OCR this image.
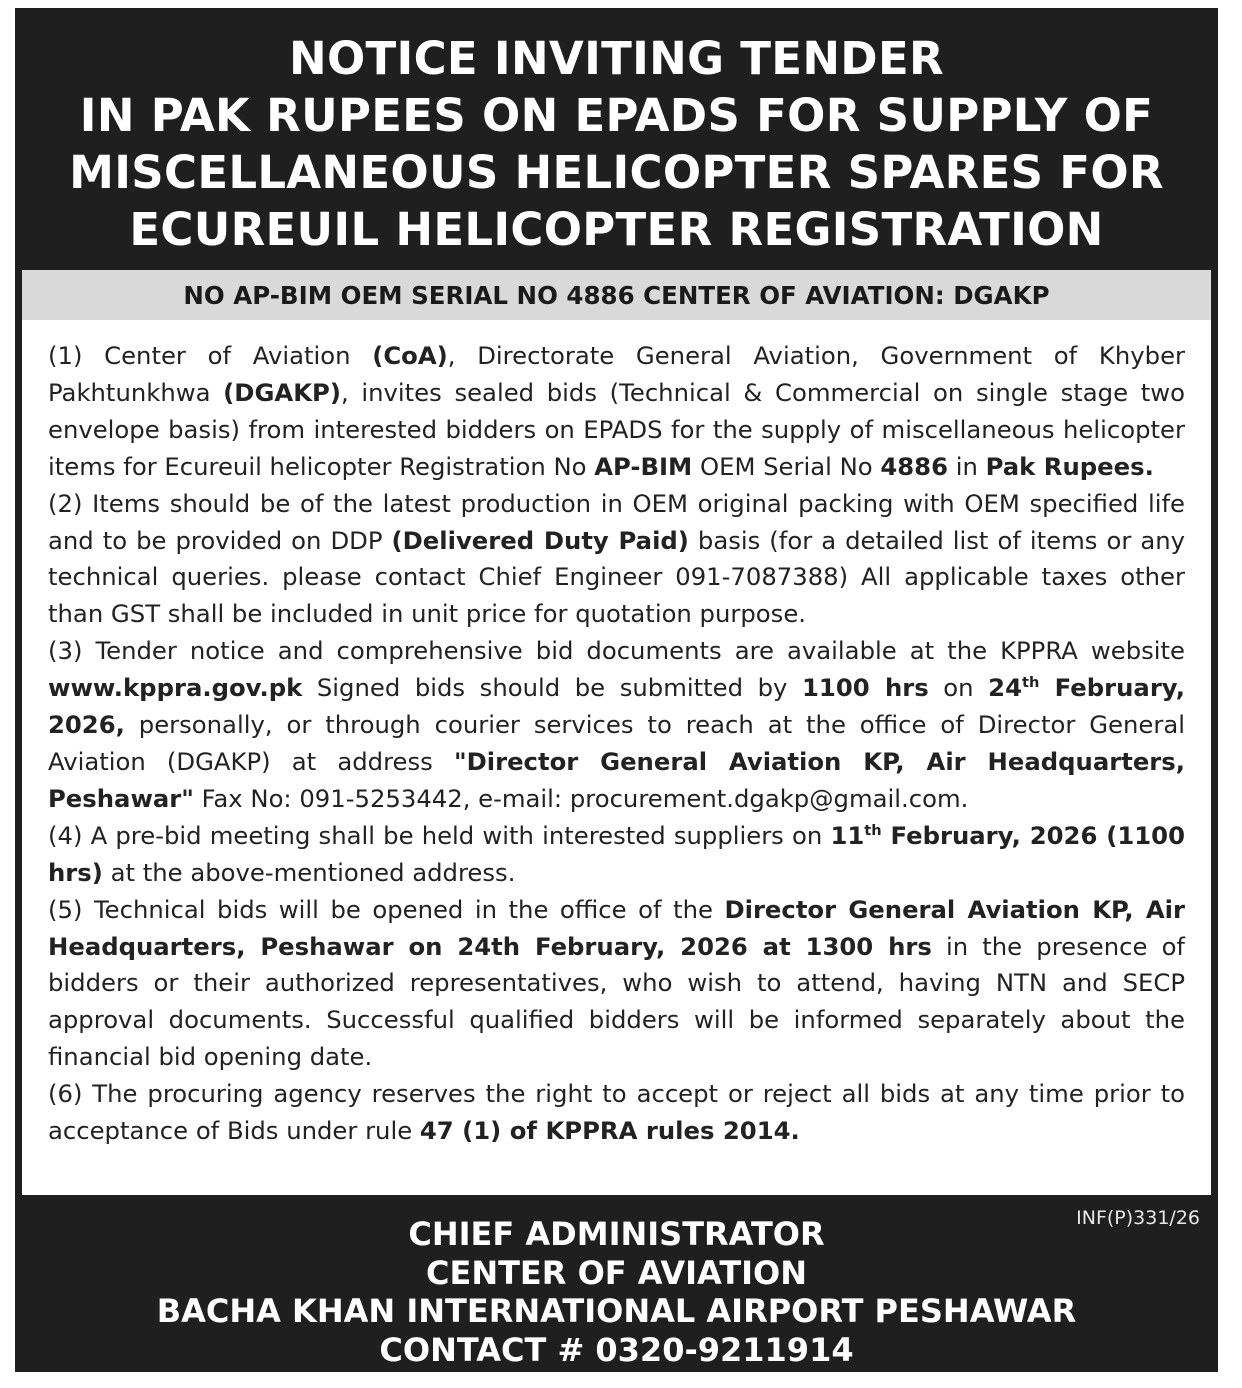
NOTICE INVITING TENDER
IN PAK RUPEES ON EPADS FOR SUPPLY OF
MISCELLANEOUS HELICOPTER SPARES FOR
ECUREUIL HELICOPTER REGISTRATION
NO AP-BIM OEM SERIAL NO 4886 CENTER OF AVIATION: DGAKP

(1) Center of Aviation (CoA), Directorate General Aviation, Government of Khyber Pakhtunkhwa (DGAKP), invites sealed bids (Technical & Commercial on single stage two envelope basis) from interested bidders on EPADS for the supply of miscellaneous helicopter items for Ecureuil helicopter Registration No AP-BIM OEM Serial No 4886 in Pak Rupees.

(2) Items should be of the latest production in OEM original packing with OEM specified life and to be provided on DDP (Delivered Duty Paid) basis (for a detailed list of items or any technical queries. please contact Chief Engineer 091-7087388) All applicable taxes other than GST shall be included in unit price for quotation purpose.

(3) Tender notice and comprehensive bid documents are available at the KPPRA website www.kppra.gov.pk Signed bids should be submitted by 1100 hrs on 24th February, 2026, personally, or through courier services to reach at the office of Director General Aviation (DGAKP) at address "Director General Aviation KP, Air Headquarters, Peshawar" Fax No: 091-5253442, e-mail: procurement.dgakp@gmail.com.

(4) A pre-bid meeting shall be held with interested suppliers on 11th February, 2026 (1100 hrs) at the above-mentioned address.

(5) Technical bids will be opened in the office of the Director General Aviation KP, Air Headquarters, Peshawar on 24th February, 2026 at 1300 hrs in the presence of bidders or their authorized representatives, who wish to attend, having NTN and SECP approval documents. Successful qualified bidders will be informed separately about the financial bid opening date.

(6) The procuring agency reserves the right to accept or reject all bids at any time prior to acceptance of Bids under rule 47 (1) of KPPRA rules 2014.

INF(P)331/26
CHIEF ADMINISTRATOR
CENTER OF AVIATION
BACHA KHAN INTERNATIONAL AIRPORT PESHAWAR
CONTACT # 0320-9211914
